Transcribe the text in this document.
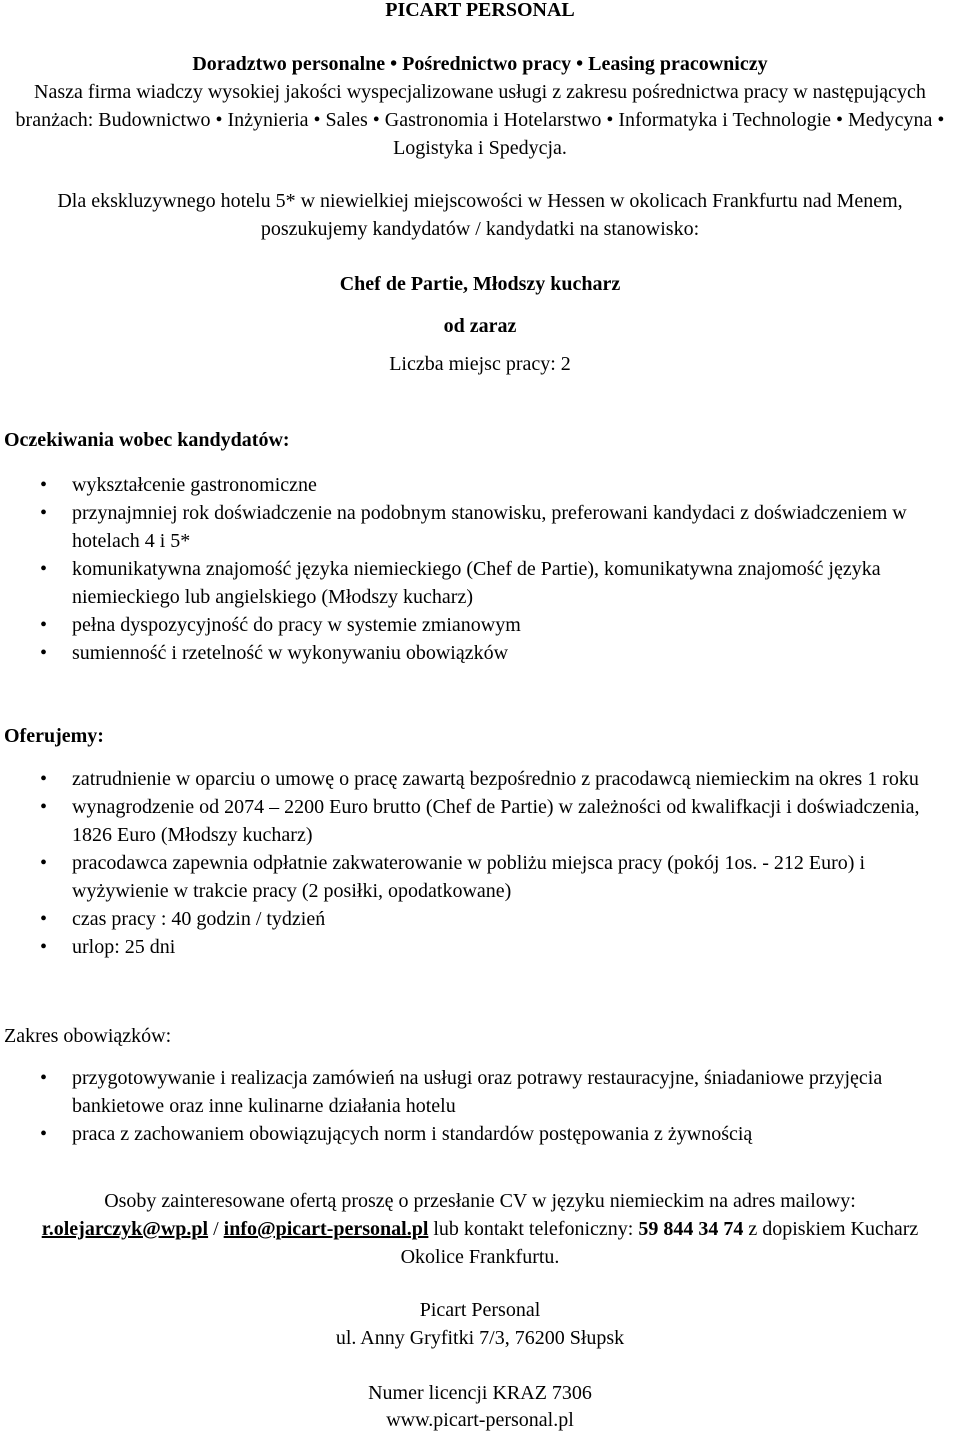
PICART PERSONAL
Doradztwo personalne • Pośrednictwo pracy • Leasing pracowniczy
Nasza firma wiadczy wysokiej jakości wyspecjalizowane usługi z zakresu pośrednictwa pracy w następujących branżach: Budownictwo • Inżynieria • Sales • Gastronomia i Hotelarstwo • Informatyka i Technologie • Medycyna • Logistyka i Spedycja.
Dla ekskluzywnego hotelu 5* w niewielkiej miejscowości w Hessen w okolicach Frankfurtu nad Menem, poszukujemy kandydatów / kandydatki na stanowisko:
Chef de Partie, Młodszy kucharz
od zaraz
Liczba miejsc pracy: 2
Oczekiwania wobec kandydatów:
• wykształcenie gastronomiczne
• przynajmniej rok doświadczenie na podobnym stanowisku, preferowani kandydaci z doświadczeniem w hotelach 4 i 5*
• komunikatywna znajomość języka niemieckiego (Chef de Partie), komunikatywna znajomość języka niemieckiego lub angielskiego (Młodszy kucharz)
• pełna dyspozycyjność do pracy w systemie zmianowym
• sumienność i rzetelność w wykonywaniu obowiązków
Oferujemy:
• zatrudnienie w oparciu o umowę o pracę zawartą bezpośrednio z pracodawcą niemieckim na okres 1 roku
• wynagrodzenie od 2074 – 2200 Euro brutto (Chef de Partie) w zależności od kwalifkacji i doświadczenia, 1826 Euro (Młodszy kucharz)
• pracodawca zapewnia odpłatnie zakwaterowanie w pobliżu miejsca pracy (pokój 1os. - 212 Euro) i wyżywienie w trakcie pracy (2 posiłki, opodatkowane)
• czas pracy : 40 godzin / tydzień
• urlop: 25 dni
Zakres obowiązków:
• przygotowywanie i realizacja zamówień na usługi oraz potrawy restauracyjne, śniadaniowe przyjęcia bankietowe oraz inne kulinarne działania hotelu
• praca z zachowaniem obowiązujących norm i standardów postępowania z żywnością
Osoby zainteresowane ofertą proszę o przesłanie CV w języku niemieckim na adres mailowy:
r.olejarczyk@wp.pl / info@picart-personal.pl lub kontakt telefoniczny: 59 844 34 74 z dopiskiem Kucharz Okolice Frankfurtu.
Picart Personal
ul. Anny Gryfitki 7/3, 76200 Słupsk
Numer licencji KRAZ 7306
www.picart-personal.pl
